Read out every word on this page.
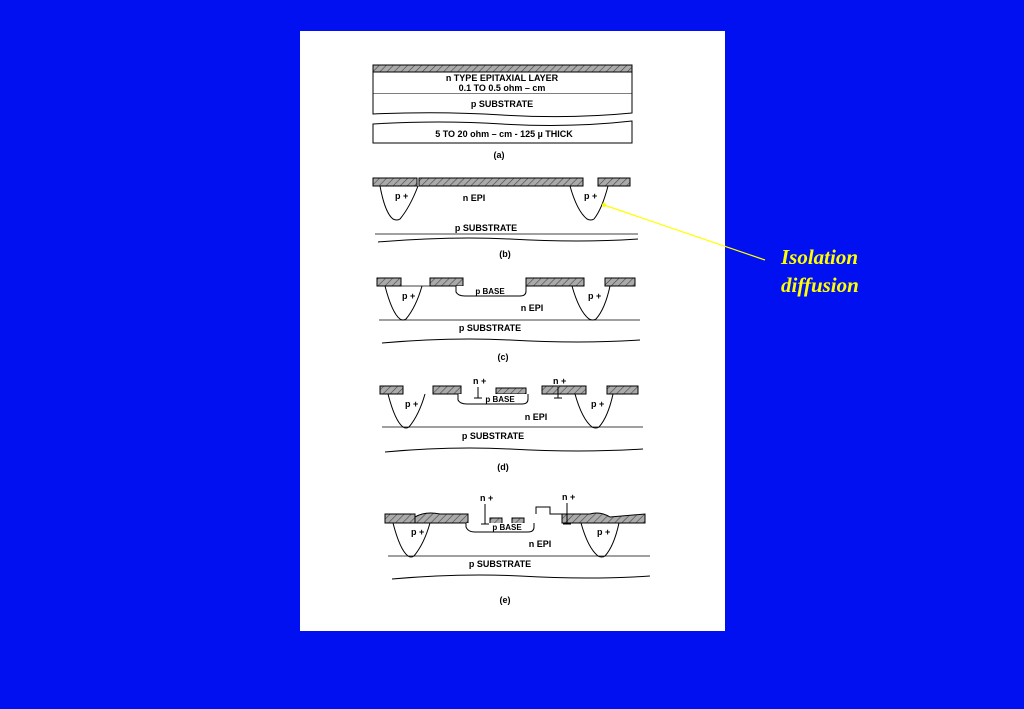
n TYPE EPITAXIAL LAYER
0.1 TO 0.5 ohm – cm
p SUBSTRATE
5 TO 20 ohm – cm - 125 µ THICK
(a)
p +	p +
n EPI
p SUBSTRATE
(b)
p BASE
p +	p +
n EPI
p SUBSTRATE
(c)
p BASE
n +	n +
p +	p +
n EPI
p SUBSTRATE
(d)
p BASE
n +	n +
p +	p +
n EPI
p SUBSTRATE
(e)
Isolation
diffusion
